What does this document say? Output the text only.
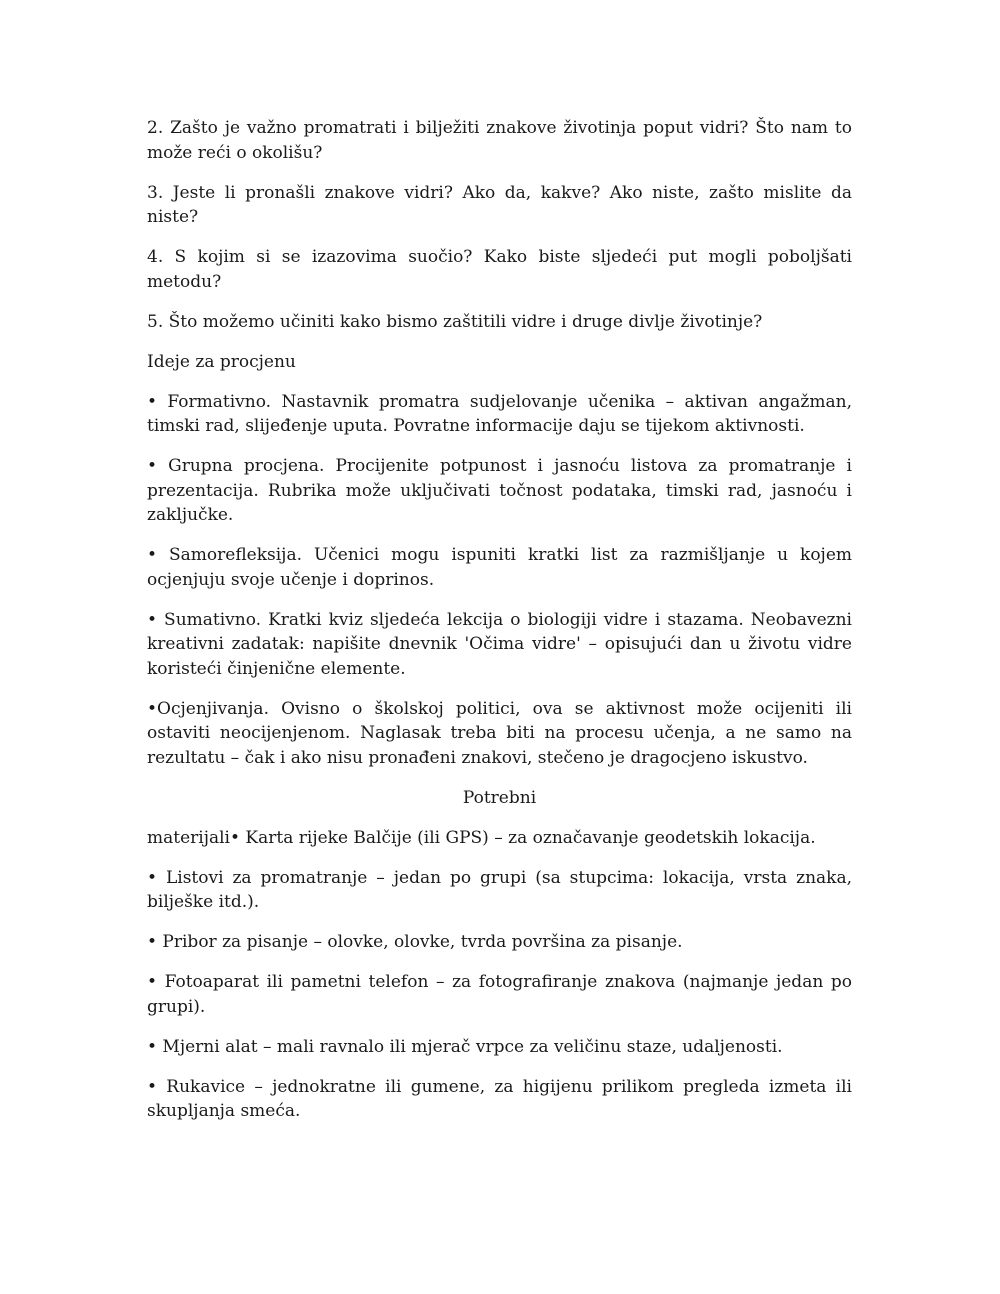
2. Zašto je važno promatrati i bilježiti znakove životinja poput vidri? Što nam to može reći o okolišu?

3. Jeste li pronašli znakove vidri? Ako da, kakve? Ako niste, zašto mislite da niste?

4. S kojim si se izazovima suočio? Kako biste sljedeći put mogli poboljšati metodu?

5. Što možemo učiniti kako bismo zaštitili vidre i druge divlje životinje?

Ideje za procjenu

• Formativno. Nastavnik promatra sudjelovanje učenika – aktivan angažman, timski rad, slijeđenje uputa. Povratne informacije daju se tijekom aktivnosti.

• Grupna procjena. Procijenite potpunost i jasnoću listova za promatranje i prezentacija. Rubrika može uključivati točnost podataka, timski rad, jasnoću i zaključke.

• Samorefleksija. Učenici mogu ispuniti kratki list za razmišljanje u kojem ocjenjuju svoje učenje i doprinos.

• Sumativno. Kratki kviz sljedeća lekcija o biologiji vidre i stazama. Neobavezni kreativni zadatak: napišite dnevnik 'Očima vidre' – opisujući dan u životu vidre koristeći činjenične elemente.

•Ocjenjivanja. Ovisno o školskoj politici, ova se aktivnost može ocijeniti ili ostaviti neocijenjenom. Naglasak treba biti na procesu učenja, a ne samo na rezultatu – čak i ako nisu pronađeni znakovi, stečeno je dragocjeno iskustvo.

Potrebni

materijali• Karta rijeke Balčije (ili GPS) – za označavanje geodetskih lokacija.

• Listovi za promatranje – jedan po grupi (sa stupcima: lokacija, vrsta znaka, bilješke itd.).

• Pribor za pisanje – olovke, olovke, tvrda površina za pisanje.

• Fotoaparat ili pametni telefon – za fotografiranje znakova (najmanje jedan po grupi).

• Mjerni alat – mali ravnalo ili mjerač vrpce za veličinu staze, udaljenosti.

• Rukavice – jednokratne ili gumene, za higijenu prilikom pregleda izmeta ili skupljanja smeća.
